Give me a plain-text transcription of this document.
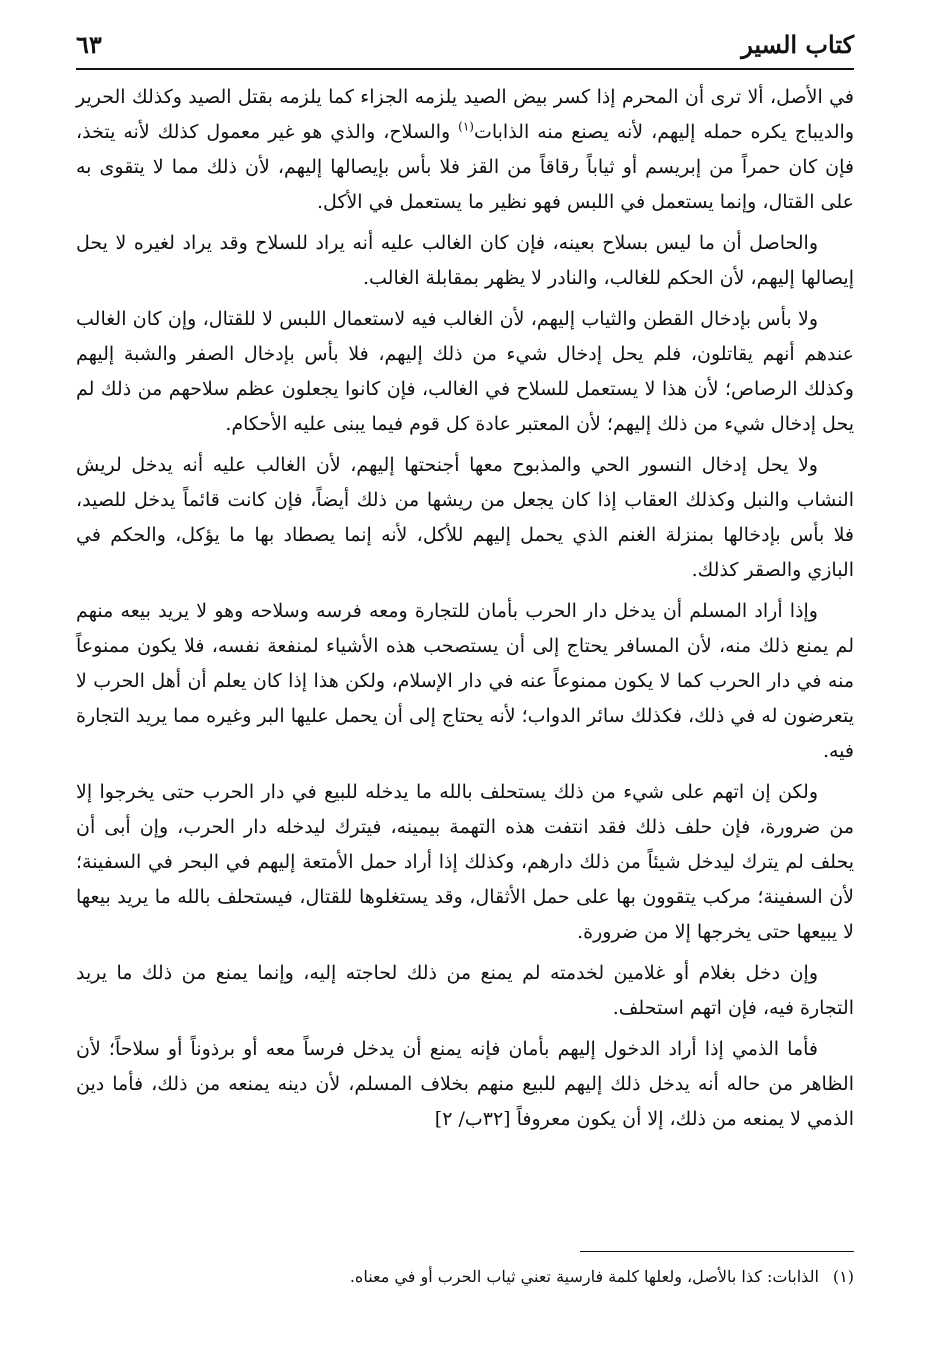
كتاب السير
٦٣

في الأصل، ألا ترى أن المحرم إذا كسر بيض الصيد يلزمه الجزاء كما يلزمه بقتل الصيد وكذلك الحرير والديباج يكره حمله إليهم، لأنه يصنع منه الذابات$^{(١)}$ والسلاح، والذي هو غير معمول كذلك لأنه يتخذ، فإن كان حمراً من إبريسم أو ثياباً رقاقاً من القز فلا بأس بإيصالها إليهم، لأن ذلك مما لا يتقوى به على القتال، وإنما يستعمل في اللبس فهو نظير ما يستعمل في الأكل.

والحاصل أن ما ليس بسلاح بعينه، فإن كان الغالب عليه أنه يراد للسلاح وقد يراد لغيره لا يحل إيصالها إليهم، لأن الحكم للغالب، والنادر لا يظهر بمقابلة الغالب.

ولا بأس بإدخال القطن والثياب إليهم، لأن الغالب فيه لاستعمال اللبس لا للقتال، وإن كان الغالب عندهم أنهم يقاتلون، فلم يحل إدخال شيء من ذلك إليهم، فلا بأس بإدخال الصفر والشبة إليهم وكذلك الرصاص؛ لأن هذا لا يستعمل للسلاح في الغالب، فإن كانوا يجعلون عظم سلاحهم من ذلك لم يحل إدخال شيء من ذلك إليهم؛ لأن المعتبر عادة كل قوم فيما يبنى عليه الأحكام.

ولا يحل إدخال النسور الحي والمذبوح معها أجنحتها إليهم، لأن الغالب عليه أنه يدخل لريش النشاب والنبل وكذلك العقاب إذا كان يجعل من ريشها من ذلك أيضاً، فإن كانت قائماً يدخل للصيد، فلا بأس بإدخالها بمنزلة الغنم الذي يحمل إليهم للأكل، لأنه إنما يصطاد بها ما يؤكل، والحكم في البازي والصقر كذلك.

وإذا أراد المسلم أن يدخل دار الحرب بأمان للتجارة ومعه فرسه وسلاحه وهو لا يريد بيعه منهم لم يمنع ذلك منه، لأن المسافر يحتاج إلى أن يستصحب هذه الأشياء لمنفعة نفسه، فلا يكون ممنوعاً منه في دار الحرب كما لا يكون ممنوعاً عنه في دار الإسلام، ولكن هذا إذا كان يعلم أن أهل الحرب لا يتعرضون له في ذلك، فكذلك سائر الدواب؛ لأنه يحتاج إلى أن يحمل عليها البر وغيره مما يريد التجارة فيه.

ولكن إن اتهم على شيء من ذلك يستحلف بالله ما يدخله للبيع في دار الحرب حتى يخرجوا إلا من ضرورة، فإن حلف ذلك فقد انتفت هذه التهمة بيمينه، فيترك ليدخله دار الحرب، وإن أبى أن يحلف لم يترك ليدخل شيئاً من ذلك دارهم، وكذلك إذا أراد حمل الأمتعة إليهم في البحر في السفينة؛ لأن السفينة؛ مركب يتقوون بها على حمل الأثقال، وقد يستغلوها للقتال، فيستحلف بالله ما يريد بيعها لا يبيعها حتى يخرجها إلا من ضرورة.

وإن دخل بغلام أو غلامين لخدمته لم يمنع من ذلك لحاجته إليه، وإنما يمنع من ذلك ما يريد التجارة فيه، فإن اتهم استحلف.

فأما الذمي إذا أراد الدخول إليهم بأمان فإنه يمنع أن يدخل فرساً معه أو برذوناً أو سلاحاً؛ لأن الظاهر من حاله أنه يدخل ذلك إليهم للبيع منهم بخلاف المسلم، لأن دينه يمنعه من ذلك، فأما دين الذمي لا يمنعه من ذلك، إلا أن يكون معروفاً [٣٢ب/ ٢]

(١)الذابات: كذا بالأصل، ولعلها كلمة فارسية تعني ثياب الحرب أو في معناه.
